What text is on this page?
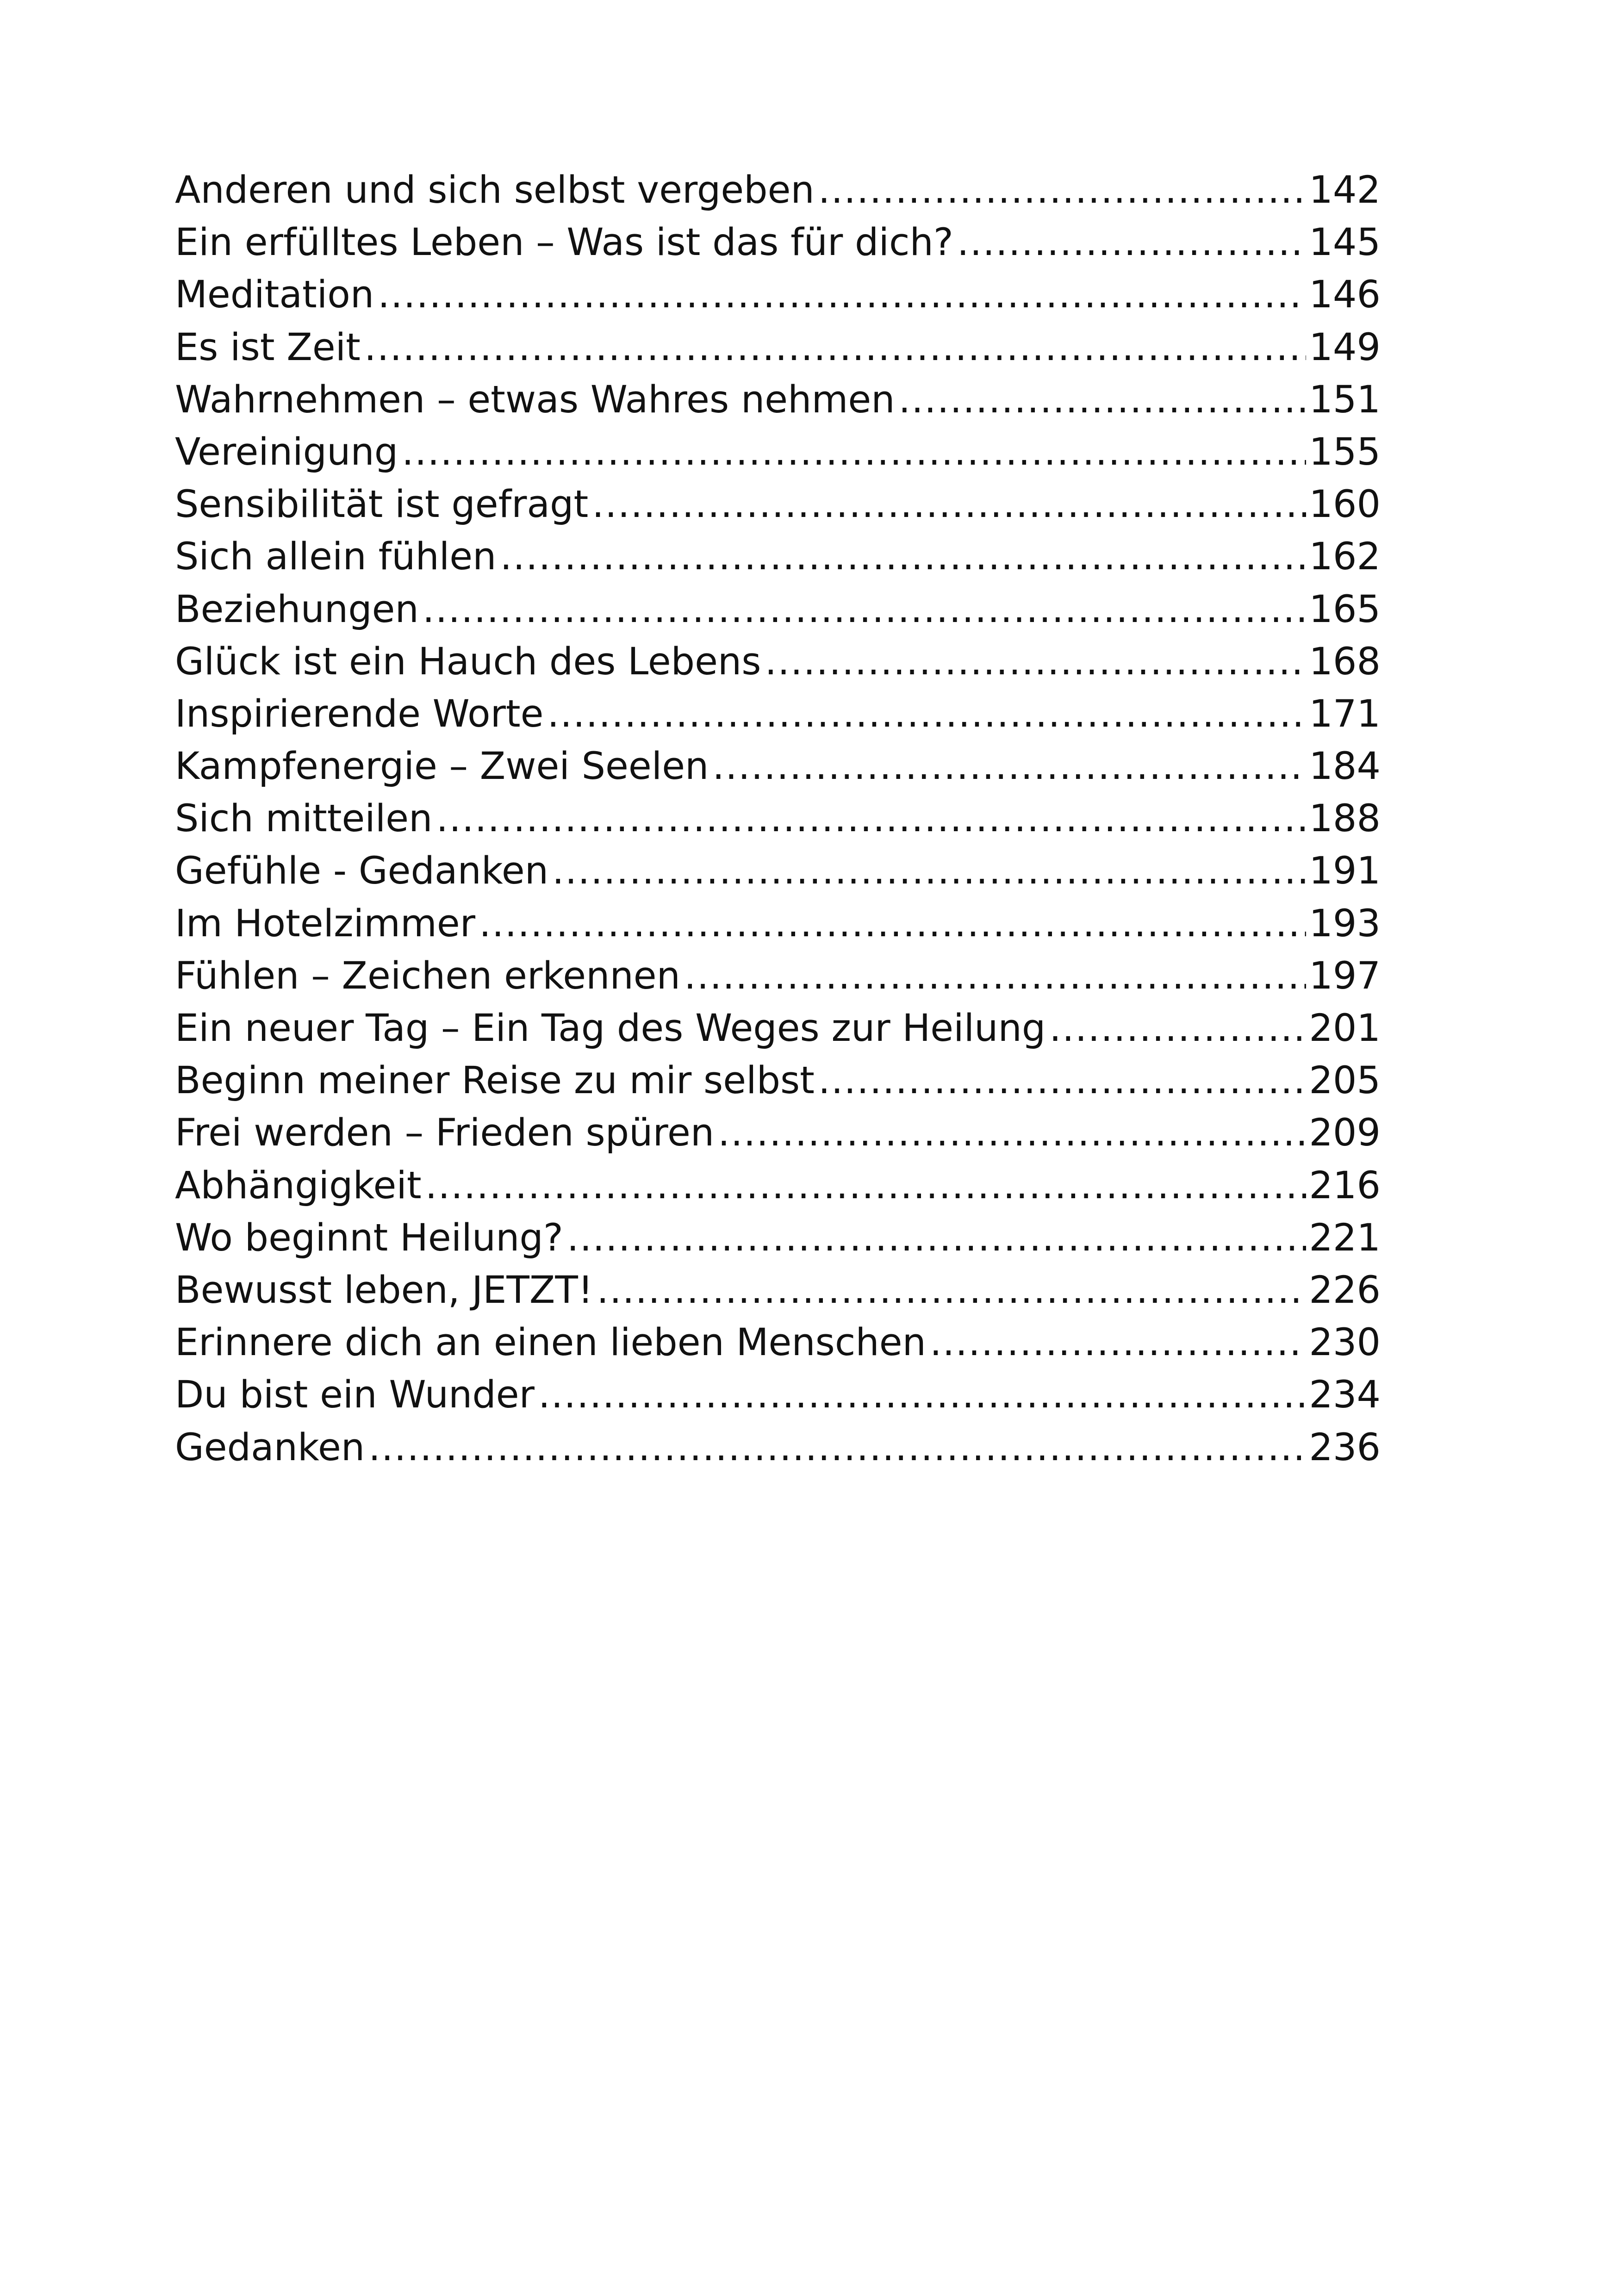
Anderen und sich selbst vergeben .....	142
Ein erfülltes Leben – Was ist das für dich? .....	145
Meditation .....	146
Es ist Zeit .....	149
Wahrnehmen – etwas Wahres nehmen .....	151
Vereinigung .....	155
Sensibilität ist gefragt .....	160
Sich allein fühlen .....	162
Beziehungen .....	165
Glück ist ein Hauch des Lebens .....	168
Inspirierende Worte .....	171
Kampfenergie – Zwei Seelen .....	184
Sich mitteilen .....	188
Gefühle - Gedanken .....	191
Im Hotelzimmer .....	193
Fühlen – Zeichen erkennen .....	197
Ein neuer Tag – Ein Tag des Weges zur Heilung .....	201
Beginn meiner Reise zu mir selbst .....	205
Frei werden – Frieden spüren .....	209
Abhängigkeit .....	216
Wo beginnt Heilung? .....	221
Bewusst leben, JETZT! .....	226
Erinnere dich an einen lieben Menschen .....	230
Du bist ein Wunder .....	234
Gedanken .....	236
